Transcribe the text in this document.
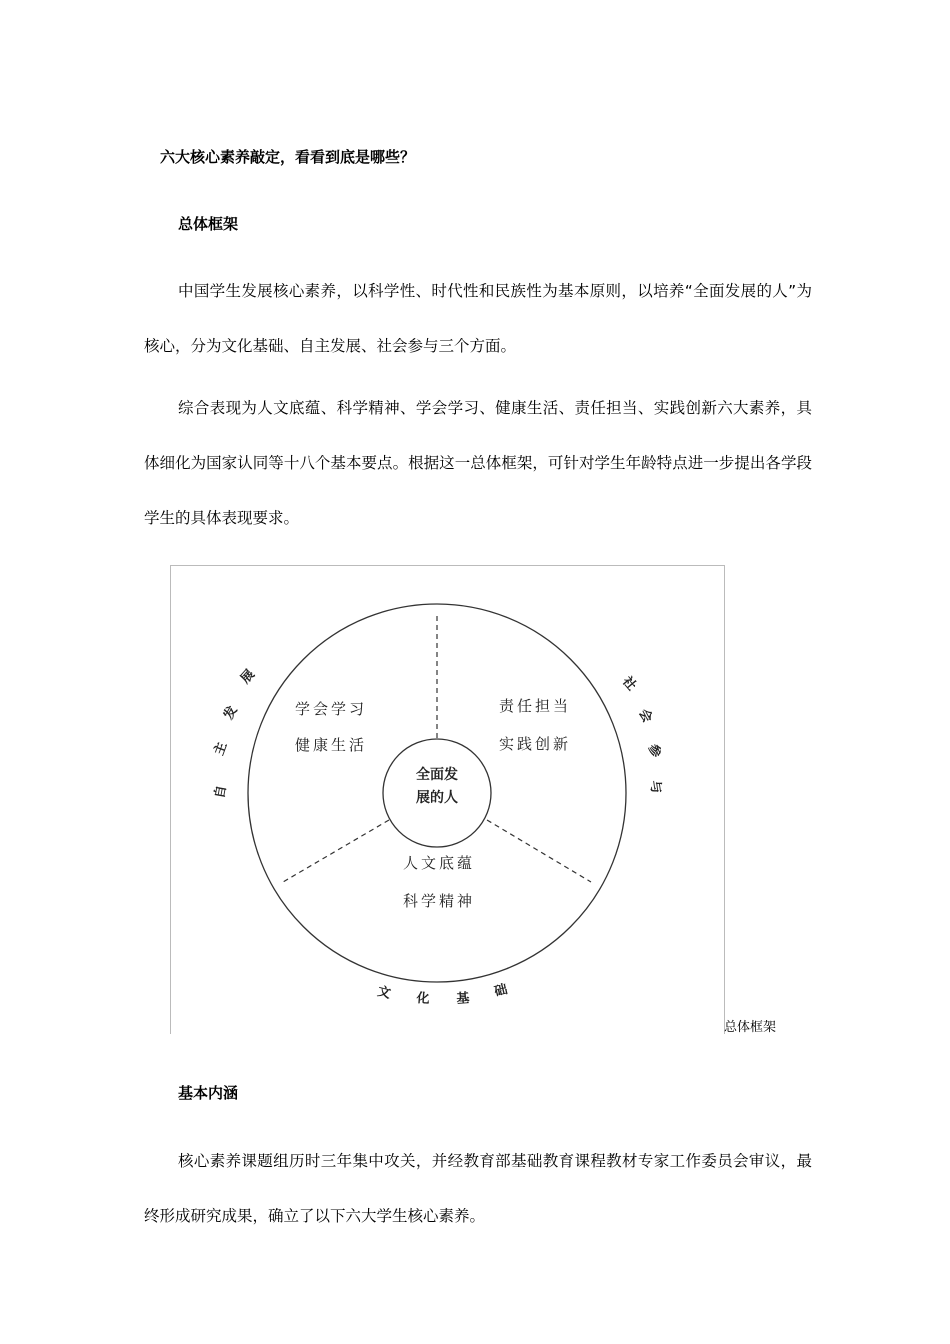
六大核心素养敲定，看看到底是哪些？
总体框架

中国学生发展核心素养，以科学性、时代性和民族性为基本原则，以培养“全面发展的人”为核心，分为文化基础、自主发展、社会参与三个方面。

综合表现为人文底蕴、科学精神、学会学习、健康生活、责任担当、实践创新六大素养，具体细化为国家认同等十八个基本要点。根据这一总体框架，可针对学生年龄特点进一步提出各学段学生的具体表现要求。

全面发
展的人
学会学习
健康生活
责任担当
实践创新
人文底蕴
科学精神
自
主
发
展	社
会
参
与
文 化 基 础
总体框架
基本内涵

核心素养课题组历时三年集中攻关，并经教育部基础教育课程教材专家工作委员会审议，最终形成研究成果，确立了以下六大学生核心素养。
